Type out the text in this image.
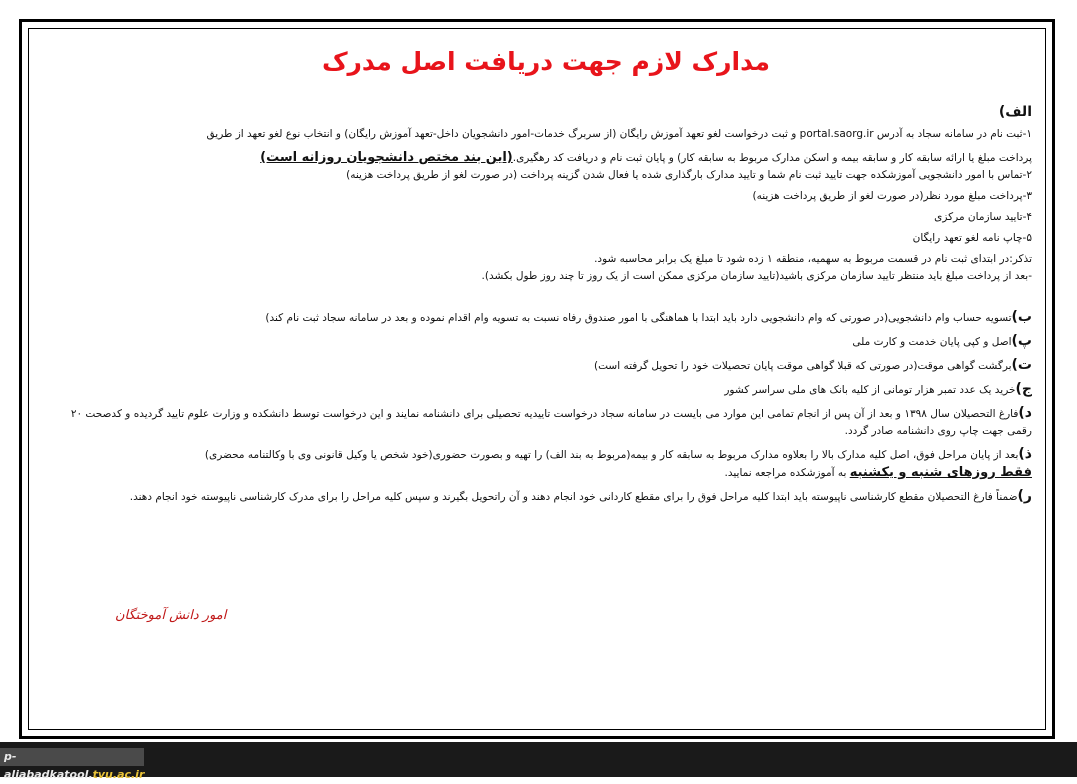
مدارک لازم جهت دریافت اصل مدرک
الف)

۱-ثبت نام در سامانه سجاد به آدرس portal.saorg.ir و ثبت درخواست لغو تعهد آموزش رایگان (از سربرگ خدمات-امور دانشجویان داخل-تعهد آموزش رایگان) و انتخاب نوع لغو تعهد از طریق

پرداخت مبلغ یا ارائه سابقه کار و سابقه بیمه و اسکن مدارک مربوط به سابقه کار) و پایان ثبت نام و دریافت کد رهگیری.(این بند مختص دانشجویان روزانه است)

۲-تماس با امور دانشجویی آموزشکده جهت تایید ثبت نام شما و تایید مدارک بارگذاری شده یا فعال شدن گزینه پرداخت (در صورت لغو از طریق پرداخت هزینه)

۳-پرداخت مبلغ مورد نظر(در صورت لغو از طریق پرداخت هزینه)

۴-تایید سازمان مرکزی

۵-چاپ نامه لغو تعهد رایگان

تذکر:در ابتدای ثبت نام در قسمت مربوط به سهمیه، منطقه ۱ زده شود تا مبلغ یک برابر محاسبه شود.

-بعد از پرداخت مبلغ باید منتظر تایید سازمان مرکزی باشید(تایید سازمان مرکزی ممکن است از یک روز تا چند روز طول بکشد).

ب)تسویه حساب وام دانشجویی(در صورتی که وام دانشجویی دارد باید ابتدا با هماهنگی با امور صندوق رفاه نسبت به تسویه وام اقدام نموده و بعد در سامانه سجاد ثبت نام کند)

پ)اصل و کپی پایان خدمت و کارت ملی

ت)برگشت گواهی موقت(در صورتی که قبلا گواهی موقت پایان تحصیلات خود را تحویل گرفته است)

ج)خرید یک عدد تمبر هزار تومانی از کلیه بانک های ملی سراسر کشور

د)فارغ التحصیلان سال ۱۳۹۸ و بعد از آن پس از انجام تمامی این موارد می بایست در سامانه سجاد درخواست تاییدیه تحصیلی برای دانشنامه نمایند و این درخواست توسط دانشکده و وزارت علوم تایید گردیده و کدصحت ۲۰ رقمی جهت چاپ روی دانشنامه صادر گردد.

ذ)بعد از پایان مراحل فوق، اصل کلیه مدارک بالا را بعلاوه مدارک مربوط به سابقه کار و بیمه(مربوط به بند الف) را تهیه و بصورت حضوری(خود شخص یا وکیل قانونی وی با وکالتنامه محضری)
فقط روزهای شنبه و یکشنبه به آموزشکده مراجعه نمایید.

ر)ضمناً فارغ التحصیلان مقطع کارشناسی ناپیوسته باید ابتدا کلیه مراحل فوق را برای مقطع کاردانی خود انجام دهند و آن راتحویل بگیرند و سپس کلیه مراحل را برای مدرک کارشناسی ناپیوسته خود انجام دهند.

امور دانش آموختگان
p-aliabadkatool.tvu.ac.ir
